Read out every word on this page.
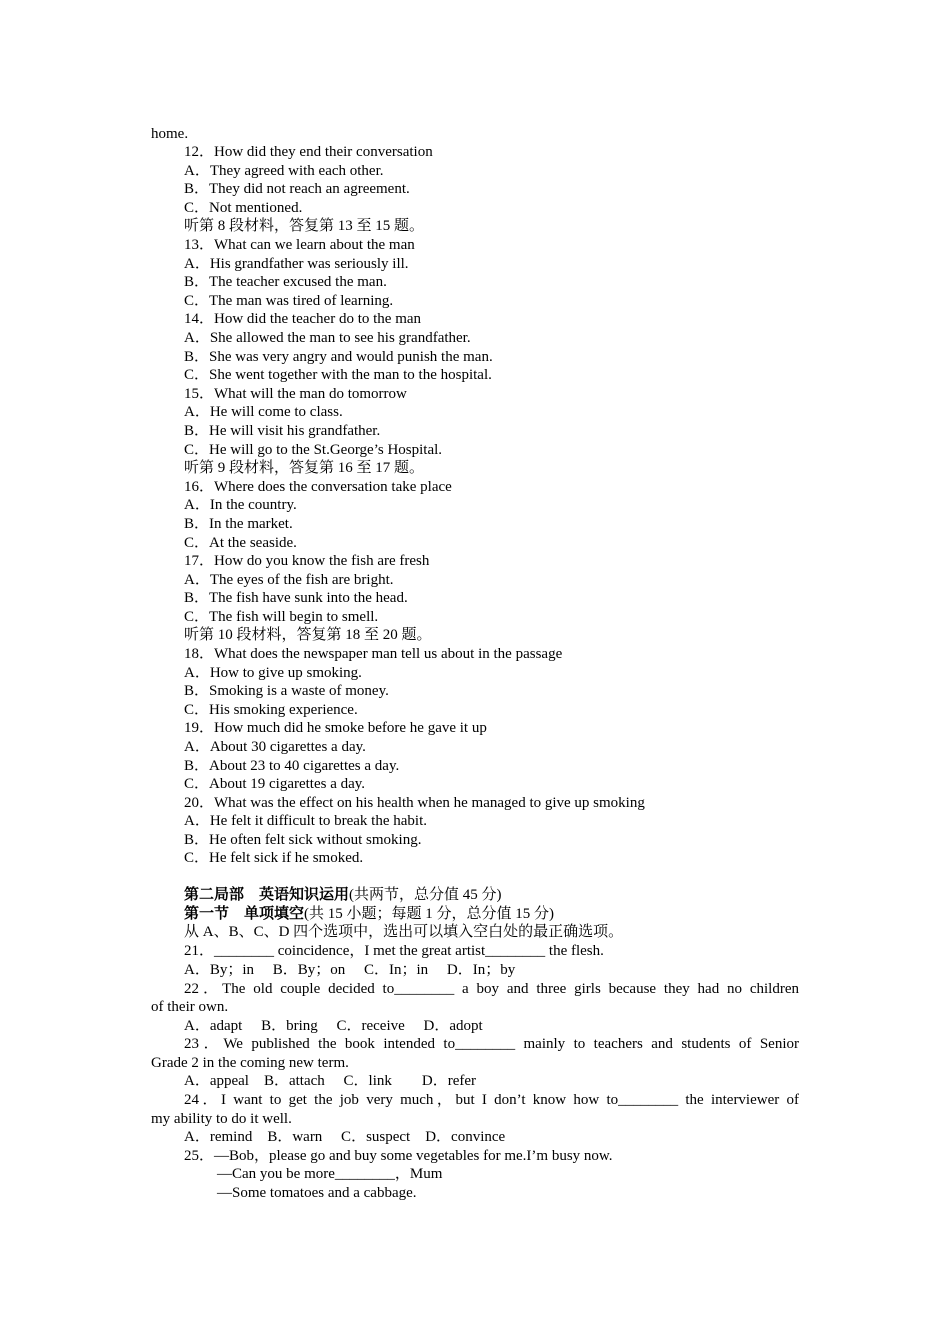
home.
12．How did they end their conversation
A．They agreed with each other.
B．They did not reach an agreement.
C．Not mentioned.
听第 8 段材料，答复第 13 至 15 题。
13．What can we learn about the man
A．His grandfather was seriously ill.
B．The teacher excused the man.
C．The man was tired of learning.
14．How did the teacher do to the man
A．She allowed the man to see his grandfather.
B．She was very angry and would punish the man.
C．She went together with the man to the hospital.
15．What will the man do tomorrow
A．He will come to class.
B．He will visit his grandfather.
C．He will go to the St.George’s Hospital.
听第 9 段材料，答复第 16 至 17 题。
16．Where does the conversation take place
A．In the country.
B．In the market.
C．At the seaside.
17．How do you know the fish are fresh
A．The eyes of the fish are bright.
B．The fish have sunk into the head.
C．The fish will begin to smell.
听第 10 段材料，答复第 18 至 20 题。
18．What does the newspaper man tell us about in the passage
A．How to give up smoking.
B．Smoking is a waste of money.
C．His smoking experience.
19．How much did he smoke before he gave it up
A．About 30 cigarettes a day.
B．About 23 to 40 cigarettes a day.
C．About 19 cigarettes a day.
20．What was the effect on his health when he managed to give up smoking
A．He felt it difficult to break the habit.
B．He often felt sick without smoking.
C．He felt sick if he smoked.
第二局部　英语知识运用(共两节，总分值 45 分)
第一节　单项填空(共 15 小题；每题 1 分，总分值 15 分)
从 A、B、C、D 四个选项中，选出可以填入空白处的最正确选项。
21．________ coincidence，I met the great artist________ the flesh.
A．By；in　 B．By；on　 C．In；in　 D．In；by
22．The old couple decided to________ a boy and three girls because they had no children
of their own.
A．adapt　 B．bring　 C．receive　 D．adopt
23．We published the book intended to________ mainly to teachers and students of Senior
Grade 2 in the coming new term.
A．appeal　B．attach　 C．link　　D．refer
24．I want to get the job very much，but I don’t know how to________ the interviewer of
my ability to do it well.
A．remind　B．warn　 C．suspect　D．convince
25．—Bob，please go and buy some vegetables for me.I’m busy now.
—Can you be more________，Mum
—Some tomatoes and a cabbage.
